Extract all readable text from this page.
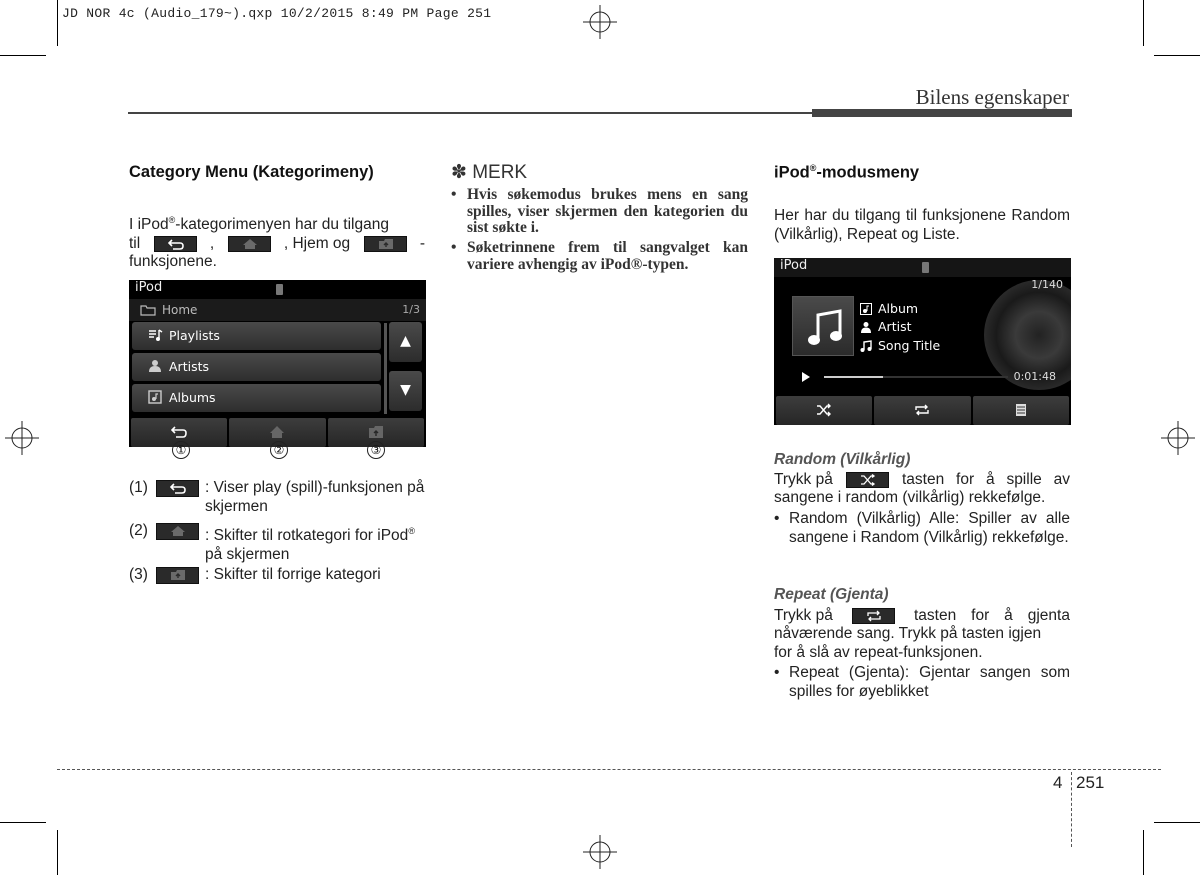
JD NOR 4c (Audio_179~).qxp 10/2/2015 8:49 PM Page 251
Bilens egenskaper
Category Menu (Kategorimeny)

I iPod®-kategorimenyen har du tilgang

til	,	, Hjem og	-
funksjonene.

iPod
Home	1/3
Playlists
Artists
Albums
▲
▼
①	②	③
(1)	: Viser play (spill)-funksjonen på skjermen
(2)	: Skifter til rotkategori for iPod®
på skjermen
(3)	: Skifter til forrige kategori
✽ MERK
• Hvis søkemodus brukes mens en sang spilles, viser skjermen den kategorien du sist søkte i.
• Søketrinnene frem til sangvalget kan variere avhengig av iPod®-typen.
iPod®-modusmeny

Her har du tilgang til funksjonene Random (Vilkårlig), Repeat og Liste.

iPod
1/140
Album
Artist
Song Title
0:01:48
Random (Vilkårlig)
Trykk på	tasten for å spille av
sangene i random (vilkårlig) rekkefølge.
• Random (Vilkårlig) Alle: Spiller av alle sangene i Random (Vilkårlig) rekkefølge.
Repeat (Gjenta)
Trykk på	tasten for å gjenta
nåværende sang. Trykk på tasten igjen
for å slå av repeat-funksjonen.
• Repeat (Gjenta): Gjentar sangen som spilles for øyeblikket
4 251
